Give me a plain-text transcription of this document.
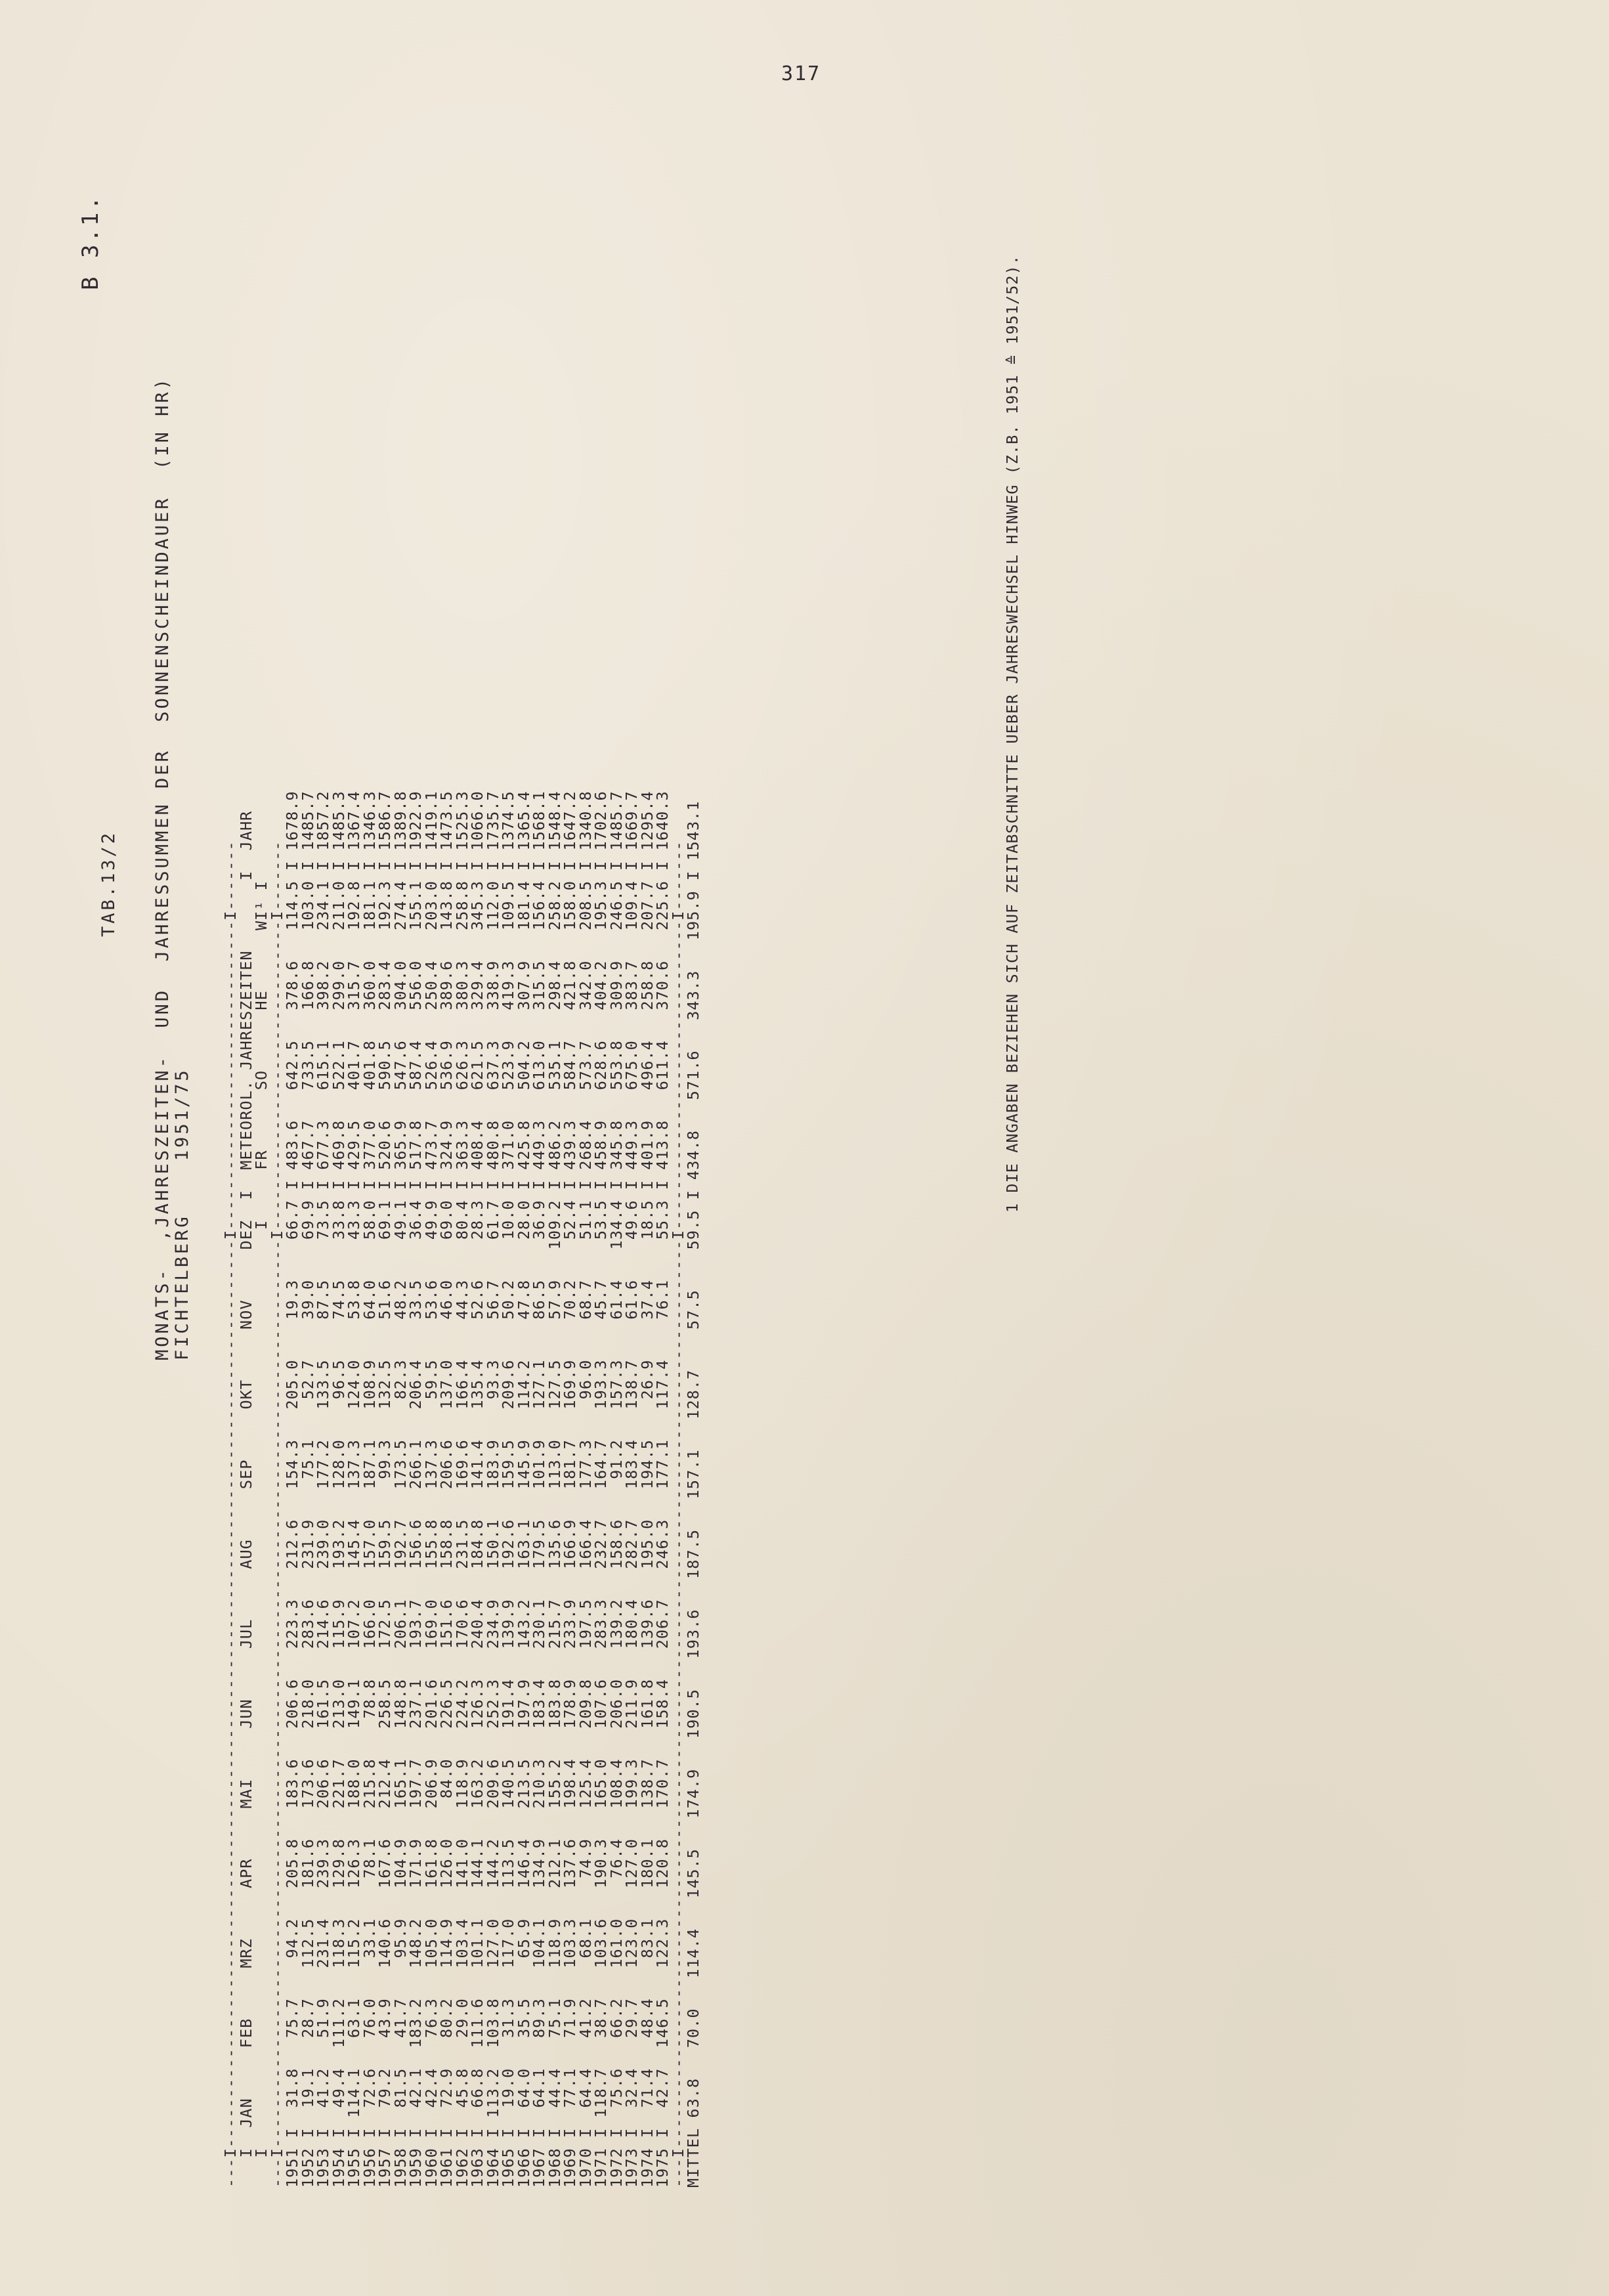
317
B 3.1.
TAB.13/2 MONATS-  ,JAHRESZEITEN-  UND  JAHRESSUMMEN DER  SONNENSCHEINDAUER  (IN HR) FICHTELBERG    1951/75 ---I-------------------------------------------------------------------------------------------I-------------------------------I-------
I  JAN     FEB     MRZ     APR     MAI     JUN     JUL     AUG     SEP     OKT     NOV     DEZ  I  METEOROL. JAHRESZEITEN       I  JAHR
I                                                                                            I     FR      SO      HE      WI¹ I
---I-------------------------------------------------------------------------------------------I-------------------------------I-------
1951 I  31.8   75.7    94.2   205.8   183.6   206.6   223.3   212.6   154.3   205.0    19.3    66.7 I 483.6   642.5   378.6   114.5 I 1678.9
1952 I  19.1   28.7   112.5   181.6   173.6   218.0   283.6   231.9    75.1    52.7    39.0    69.9 I 467.7   733.5   166.8   103.0 I 1485.7
1953 I  41.2   51.9   231.4   239.3   206.6   161.5   214.6   239.0   177.2   133.5    87.5    73.5 I 677.3   615.1   398.2   234.1 I 1857.2
1954 I  49.4  111.2   118.3   129.8   221.7   213.0   115.9   193.2   128.0    96.5    74.5    33.8 I 469.8   522.1   299.0   211.0 I 1485.3
1955 I 114.1   63.1   115.2   126.3   188.0   149.1   107.2   145.4   137.3   124.0    53.8    43.3 I 429.5   401.7   315.7   192.8 I 1367.4
1956 I  72.6   76.0    33.1    78.1   215.8    78.8   166.0   157.0   187.1   108.9    64.0    58.0 I 377.0   401.8   360.0   181.1 I 1346.3
1957 I  79.2   43.9   140.6   167.6   212.4   258.5   172.5   159.5    99.3   132.5    51.6    69.1 I 520.6   590.5   283.4   192.3 I 1586.7
1958 I  81.5   41.7    95.9   104.9   165.1   148.8   206.1   192.7   173.5    82.3    48.2    49.1 I 365.9   547.6   304.0   274.4 I 1389.8
1959 I  42.1  183.2   148.2   171.9   197.7   237.1   193.7   156.6   266.1   206.4    33.5    36.4 I 517.8   587.4   556.0   155.1 I 1922.9
1960 I  42.4   76.3   105.0   161.8   206.9   201.6   169.0   155.8   137.3    59.5    53.6    49.9 I 473.7   526.4   250.4   203.0 I 1419.1
1961 I  72.9   80.2   114.9   126.0    84.0   226.5   151.6   158.8   206.6   137.0    46.0    69.0 I 324.9   536.9   389.6   143.8 I 1473.5
1962 I  45.8   29.0   103.4   141.0   118.9   224.2   170.6   231.5   169.6   166.4    44.3    80.4 I 363.3   626.3   380.3   258.8 I 1525.3
1963 I  66.8  111.6   101.1   144.1   163.2   126.3   240.4   184.8   141.4   135.4    52.6    28.3 I 408.4   621.5   329.4   345.3 I 1066.0
1964 I 113.2  103.8   127.0   144.2   209.6   252.3   234.9   150.1   183.9    93.3    56.7    61.7 I 480.8   637.3   338.9   112.0 I 1735.7
1965 I  19.0   31.3   117.0   113.5   140.5   191.4   139.9   192.6   159.5   209.6    50.2    10.0 I 371.0   523.9   419.3   109.5 I 1374.5
1966 I  64.0   35.5    65.9   146.4   213.5   197.9   143.2   163.1   145.9   114.2    47.8    28.0 I 425.8   504.2   307.9   181.4 I 1365.4
1967 I  64.1   89.3   104.1   134.9   210.3   183.4   230.1   179.5   101.9   127.1    86.5    36.9 I 449.3   613.0   315.5   156.4 I 1568.1
1968 I  44.4   75.1   118.9   212.1   155.2   183.8   215.7   135.6   113.0   127.5    57.9   109.2 I 486.2   535.1   298.4   258.2 I 1548.4
1969 I  77.1   71.9   103.3   137.6   198.4   178.9   233.9   166.9   181.7   169.9    70.2    52.4 I 439.3   584.7   421.8   158.0 I 1647.2
1970 I  64.4   41.2    68.1    74.9   125.4   209.8   197.5   166.4   177.3    96.0    68.7    51.1 I 268.4   573.7   342.0   208.5 I 1340.8
1971 I 118.7   38.7   103.6   190.3   165.0   107.6   283.3   232.7   164.7   193.3    45.7    53.5 I 458.9   628.6   404.2   195.3 I 1702.6
1972 I  75.6   66.2   161.0    76.4   108.4   206.0   139.2   158.6    91.2   157.3    61.4   134.4 I 345.8   553.8   309.9   246.5 I 1485.7
1973 I  32.4   29.7   123.0   127.0   199.3   211.9   180.4   282.7   183.4   138.7    61.6    49.6 I 449.3   675.0   383.7   109.4 I 1669.7
1974 I  71.4   48.4    83.1   180.1   138.7   161.8   139.6   195.0   194.5    26.9    37.4    18.5 I 401.9   496.4   258.8   207.7 I 1295.4
1975 I  42.7  146.5   122.3   120.8   170.7   158.4   206.7   246.3   177.1   117.4    76.1    55.3 I 413.8   611.4   370.6   225.6 I 1640.3
---I-------------------------------------------------------------------------------------------I-------------------------------I-------
MITTEL 63.8   70.0   114.4   145.5   174.9   190.5   193.6   187.5   157.1   128.7    57.5    59.5 I 434.8   571.6   343.3   195.9 I 1543.1
1 DIE ANGABEN BEZIEHEN SICH AUF ZEITABSCHNITTE UEBER JAHRESWECHSEL HINWEG (Z.B. 1951 ≙ 1951/52).
